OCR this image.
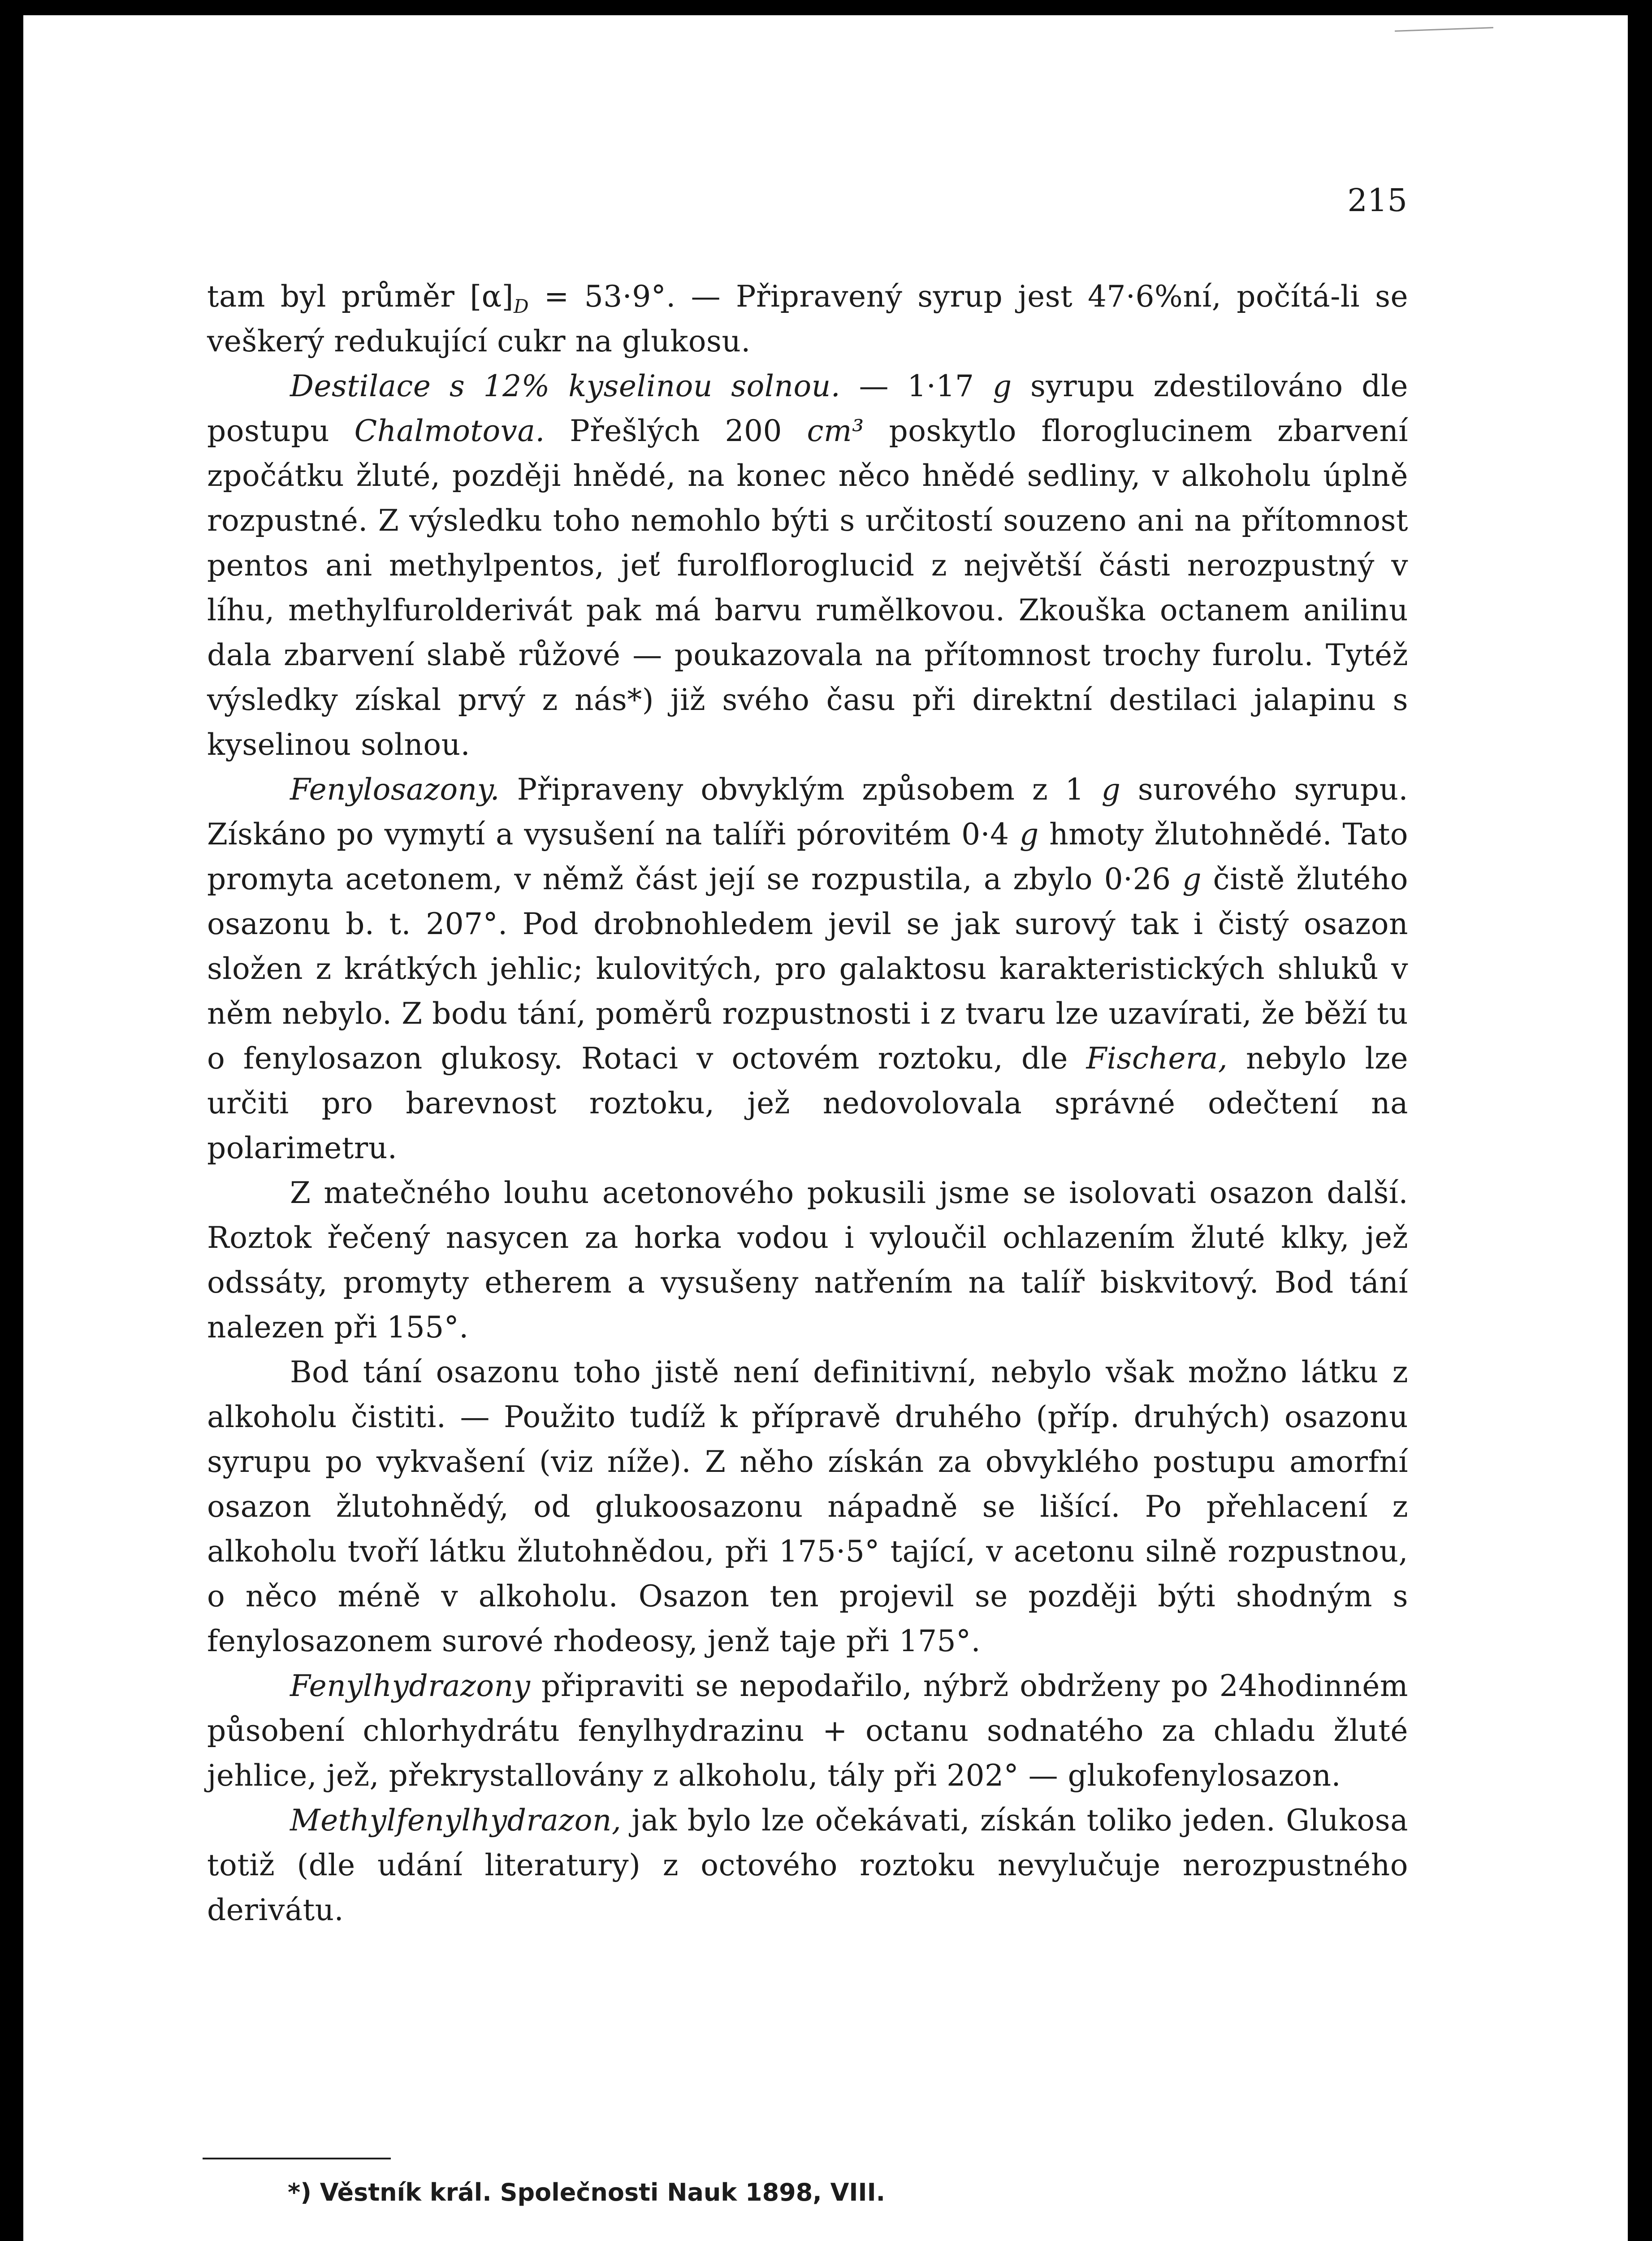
215

tam byl průměr $[\alpha]_D = 53\cdot 9^\circ$. — Připravený syrup jest 47·6%ní, počítá-li se veškerý redukující cukr na glukosu.

Destilace s 12% kyselinou solnou. — 1·17 g syrupu zdestilováno dle postupu Chalmotova. Přešlých 200 cm³ poskytlo floroglucinem zbarvení zpočátku žluté, později hnědé, na konec něco hnědé sedliny, v alkoholu úplně rozpustné. Z výsledku toho nemohlo býti s určitostí souzeno ani na přítomnost pentos ani methylpentos, jeť furolfloroglucid z největší části nerozpustný v líhu, methylfurolderivát pak má barvu rumělkovou. Zkouška octanem anilinu dala zbarvení slabě růžové — poukazovala na přítomnost trochy furolu. Tytéž výsledky získal prvý z nás*) již svého času při direktní destilaci jalapinu s kyselinou solnou.

Fenylosazony. Připraveny obvyklým způsobem z 1 g surového syrupu. Získáno po vymytí a vysušení na talíři pórovitém 0·4 g hmoty žlutohnědé. Tato promyta acetonem, v němž část její se rozpustila, a zbylo 0·26 g čistě žlutého osazonu b. t. 207°. Pod drobnohledem jevil se jak surový tak i čistý osazon složen z krátkých jehlic; kulovitých, pro galaktosu karakteristických shluků v něm nebylo. Z bodu tání, poměrů rozpustnosti i z tvaru lze uzavírati, že běží tu o fenylosazon glukosy. Rotaci v octovém roztoku, dle Fischera, nebylo lze určiti pro barevnost roztoku, jež nedovolovala správné odečtení na polarimetru.

Z matečného louhu acetonového pokusili jsme se isolovati osazon další. Roztok řečený nasycen za horka vodou i vyloučil ochlazením žluté klky, jež odssáty, promyty etherem a vysušeny natřením na talíř biskvitový. Bod tání nalezen při 155°.

Bod tání osazonu toho jistě není definitivní, nebylo však možno látku z alkoholu čistiti. — Použito tudíž k přípravě druhého (příp. druhých) osazonu syrupu po vykvašení (viz níže). Z něho získán za obvyklého postupu amorfní osazon žlutohnědý, od glukoosazonu nápadně se lišící. Po přehlacení z alkoholu tvoří látku žlutohnědou, při 175·5° tající, v acetonu silně rozpustnou, o něco méně v alkoholu. Osazon ten projevil se později býti shodným s fenylosazonem surové rhodeosy, jenž taje při 175°.

Fenylhydrazony připraviti se nepodařilo, nýbrž obdrženy po 24hodinném působení chlorhydrátu fenylhydrazinu + octanu sodnatého za chladu žluté jehlice, jež, překrystallovány z alkoholu, tály při 202° — glukofenylosazon.

Methylfenylhydrazon, jak bylo lze očekávati, získán toliko jeden. Glukosa totiž (dle udání literatury) z octového roztoku nevylučuje nerozpustného derivátu.

*) Věstník král. Společnosti Nauk 1898, VIII.
